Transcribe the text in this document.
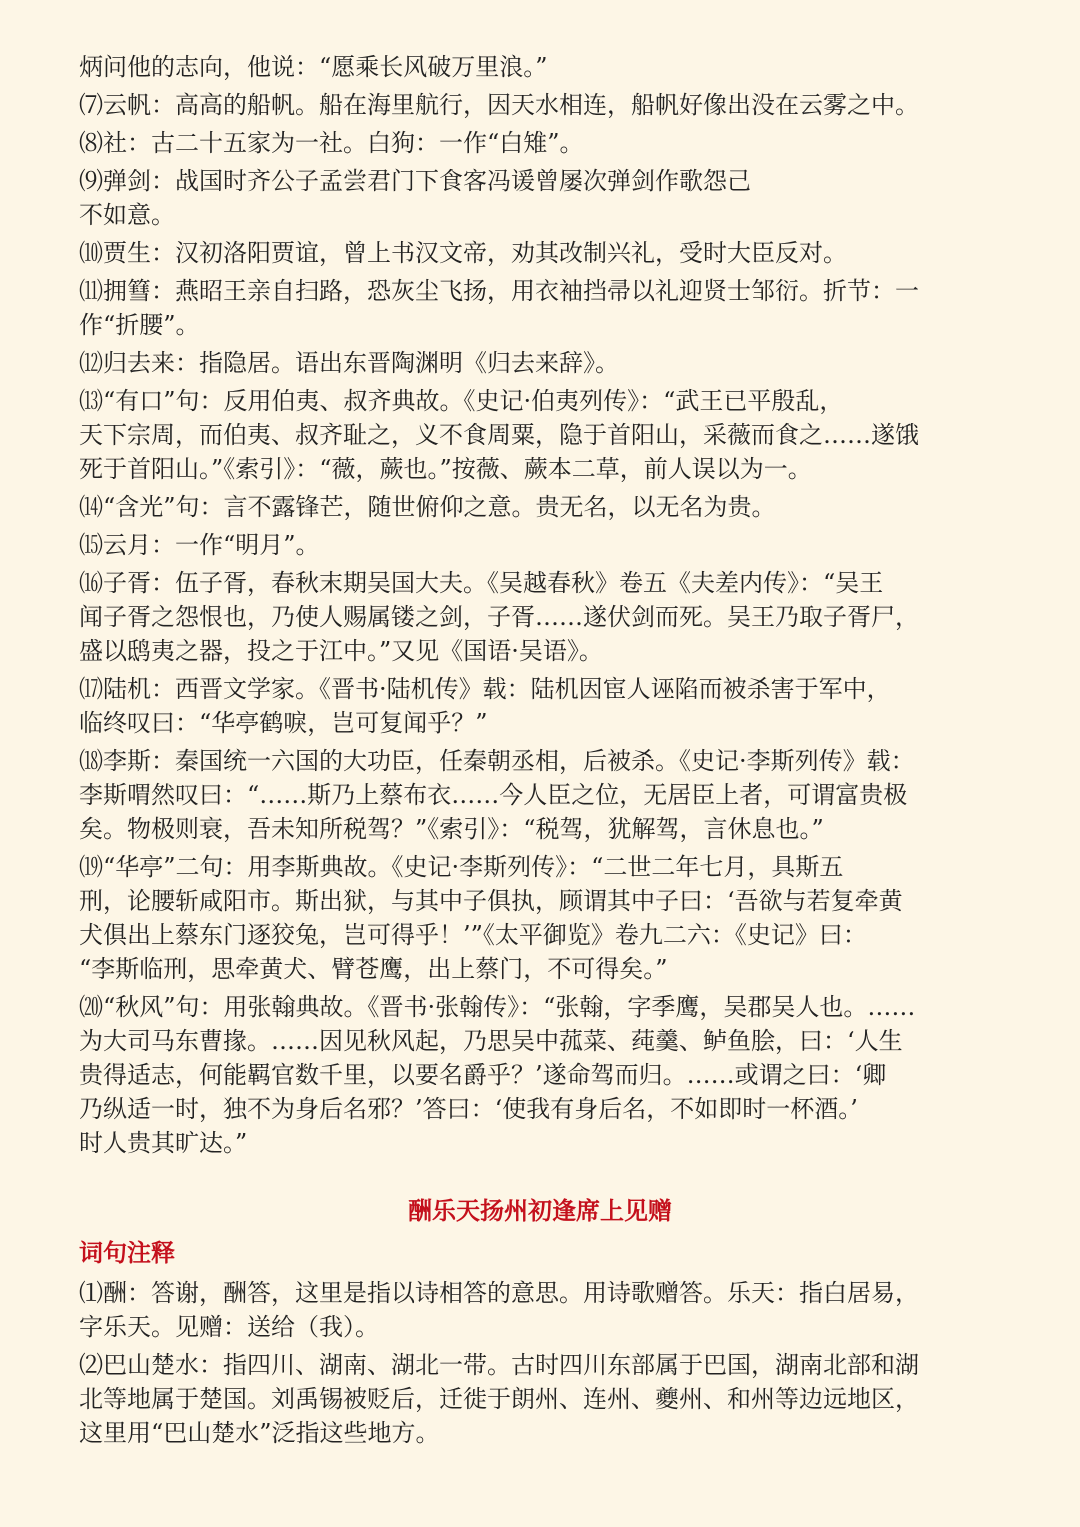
炳问他的志向，他说：“愿乘长风破万里浪。”
⑺云帆：高高的船帆。船在海里航行，因天水相连，船帆好像出没在云雾之中。
⑻社：古二十五家为一社。白狗：一作“白雉”。
⑼弹剑：战国时齐公子孟尝君门下食客冯谖曾屡次弹剑作歌怨己
不如意。
⑽贾生：汉初洛阳贾谊，曾上书汉文帝，劝其改制兴礼，受时大臣反对。
⑾拥篲：燕昭王亲自扫路，恐灰尘飞扬，用衣袖挡帚以礼迎贤士邹衍。折节：一
作“折腰”。
⑿归去来：指隐居。语出东晋陶渊明《归去来辞》。
⒀“有口”句：反用伯夷、叔齐典故。《史记·伯夷列传》：“武王已平殷乱，
天下宗周，而伯夷、叔齐耻之，义不食周粟，隐于首阳山，采薇而食之……遂饿
死于首阳山。”《索引》：“薇，蕨也。”按薇、蕨本二草，前人误以为一。
⒁“含光”句：言不露锋芒，随世俯仰之意。贵无名，以无名为贵。
⒂云月：一作“明月”。
⒃子胥：伍子胥，春秋末期吴国大夫。《吴越春秋》卷五《夫差内传》：“吴王
闻子胥之怨恨也，乃使人赐属镂之剑，子胥……遂伏剑而死。吴王乃取子胥尸，
盛以鸱夷之器，投之于江中。”又见《国语·吴语》。
⒄陆机：西晋文学家。《晋书·陆机传》载：陆机因宦人诬陷而被杀害于军中，
临终叹曰：“华亭鹤唳，岂可复闻乎？”
⒅李斯：秦国统一六国的大功臣，任秦朝丞相，后被杀。《史记·李斯列传》载：
李斯喟然叹曰：“……斯乃上蔡布衣……今人臣之位，无居臣上者，可谓富贵极
矣。物极则衰，吾未知所税驾？”《索引》：“税驾，犹解驾，言休息也。”
⒆“华亭”二句：用李斯典故。《史记·李斯列传》：“二世二年七月，具斯五
刑，论腰斩咸阳市。斯出狱，与其中子俱执，顾谓其中子曰：‘吾欲与若复牵黄
犬俱出上蔡东门逐狡兔，岂可得乎！’”《太平御览》卷九二六：《史记》曰：
“李斯临刑，思牵黄犬、臂苍鹰，出上蔡门，不可得矣。”
⒇“秋风”句：用张翰典故。《晋书·张翰传》：“张翰，字季鹰，吴郡吴人也。……
为大司马东曹掾。……因见秋风起，乃思吴中菰菜、莼羹、鲈鱼脍，曰：‘人生
贵得适志，何能羁官数千里，以要名爵乎？’遂命驾而归。……或谓之曰：‘卿
乃纵适一时，独不为身后名邪？’答曰：‘使我有身后名，不如即时一杯酒。’
时人贵其旷达。”
酬乐天扬州初逢席上见赠
词句注释
⑴酬：答谢，酬答，这里是指以诗相答的意思。用诗歌赠答。乐天：指白居易，
字乐天。见赠：送给（我）。
⑵巴山楚水：指四川、湖南、湖北一带。古时四川东部属于巴国，湖南北部和湖
北等地属于楚国。刘禹锡被贬后，迁徙于朗州、连州、夔州、和州等边远地区，
这里用“巴山楚水”泛指这些地方。
